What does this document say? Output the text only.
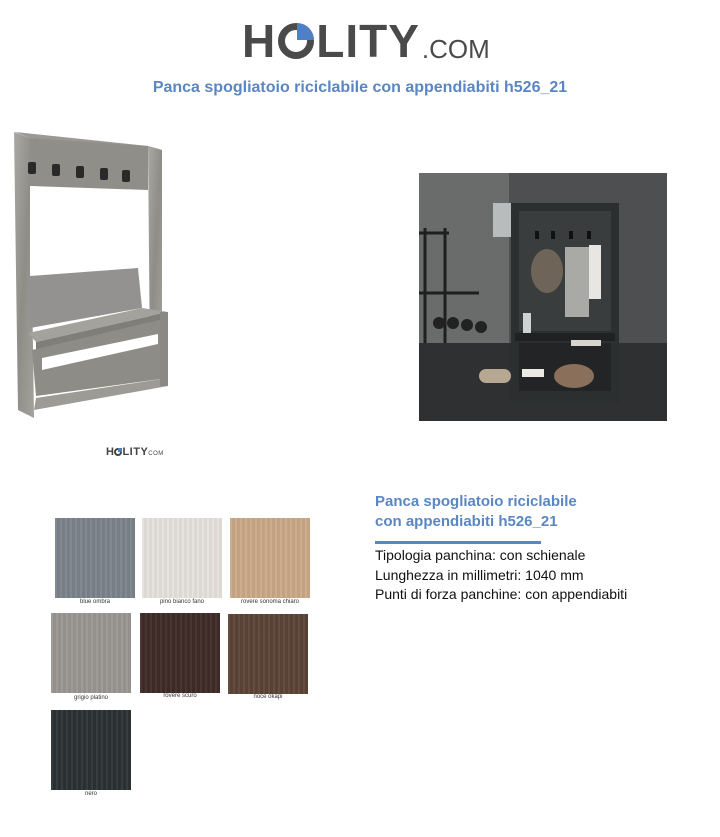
H LITY .COM
Panca spogliatoio riciclabile con appendiabiti h526_21
H LITYCOM
blue ombra	pino bianco fano	rovere sonoma chiaro
grigio platino	rovere scuro	noce okapi
nero
Panca spogliatoio riciclabile
con appendiabiti h526_21
Tipologia panchina: con schienale
Lunghezza in millimetri: 1040 mm
Punti di forza panchine: con appendiabiti
